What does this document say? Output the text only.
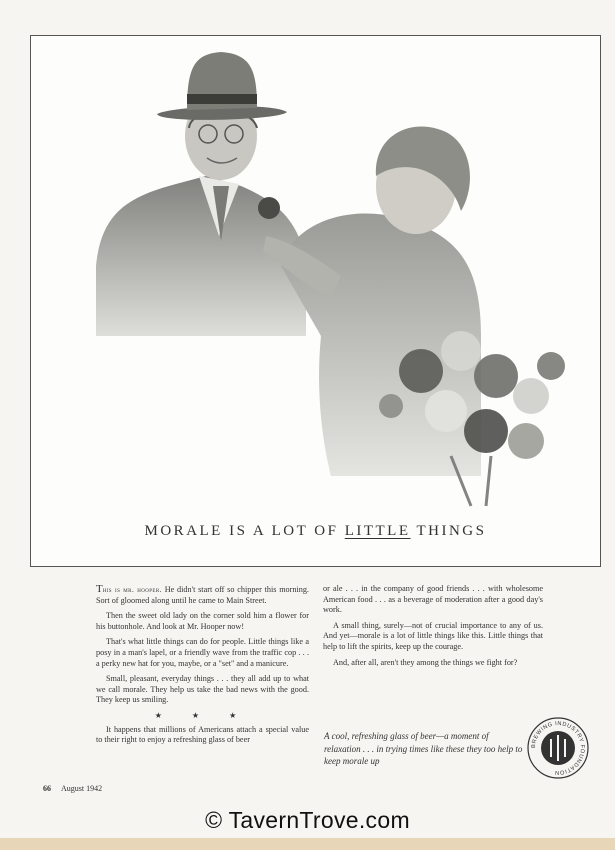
MORALE IS A LOT OF LITTLE THINGS

This is mr. hooper. He didn't start off so chipper this morning. Sort of gloomed along until he came to Main Street.

Then the sweet old lady on the corner sold him a flower for his buttonhole. And look at Mr. Hooper now!

That's what little things can do for people. Little things like a posy in a man's lapel, or a friendly wave from the traffic cop . . . a perky new hat for you, maybe, or a "set" and a manicure.

Small, pleasant, everyday things . . . they all add up to what we call morale. They help us take the bad news with the good. They keep us smiling.

★ ★ ★

It happens that millions of Americans attach a special value to their right to enjoy a refreshing glass of beer

or ale . . . in the company of good friends . . . with wholesome American food . . . as a beverage of moderation after a good day's work.

A small thing, surely—not of crucial importance to any of us. And yet—morale is a lot of little things like this. Little things that help to lift the spirits, keep up the courage.

And, after all, aren't they among the things we fight for?

A cool, refreshing glass of beer—a moment of relaxation . . . in trying times like these they too help to keep morale up
BREWING INDUSTRY FOUNDATION
66 August 1942
© TavernTrove.com
